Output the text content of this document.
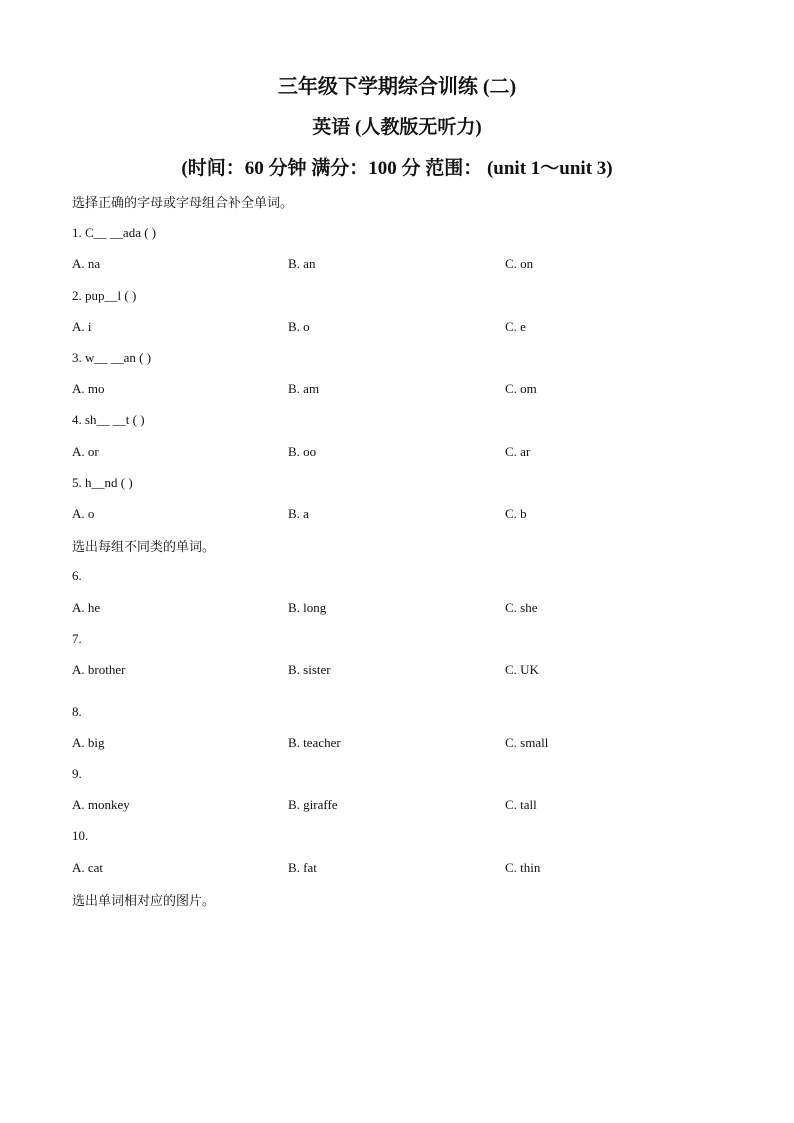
三年级下学期综合训练 (二)
英语 (人教版无听力)
(时间：60 分钟 满分：100 分 范围： (unit 1～unit 3)
选择正确的字母或字母组合补全单词。
1. C__ __ada ( )
A. na	B. an	C. on
2. pup__l ( )
A. i	B. o	C. e
3. w__ __an ( )
A. mo	B. am	C. om
4. sh__ __t ( )
A. or	B. oo	C. ar
5. h__nd ( )
A. o	B. a	C. b
选出每组不同类的单词。
6.
A. he	B. long	C. she
7.
A. brother	B. sister	C. UK
8.
A. big	B. teacher	C. small
9.
A. monkey	B. giraffe	C. tall
10.
A. cat	B. fat	C. thin
选出单词相对应的图片。
